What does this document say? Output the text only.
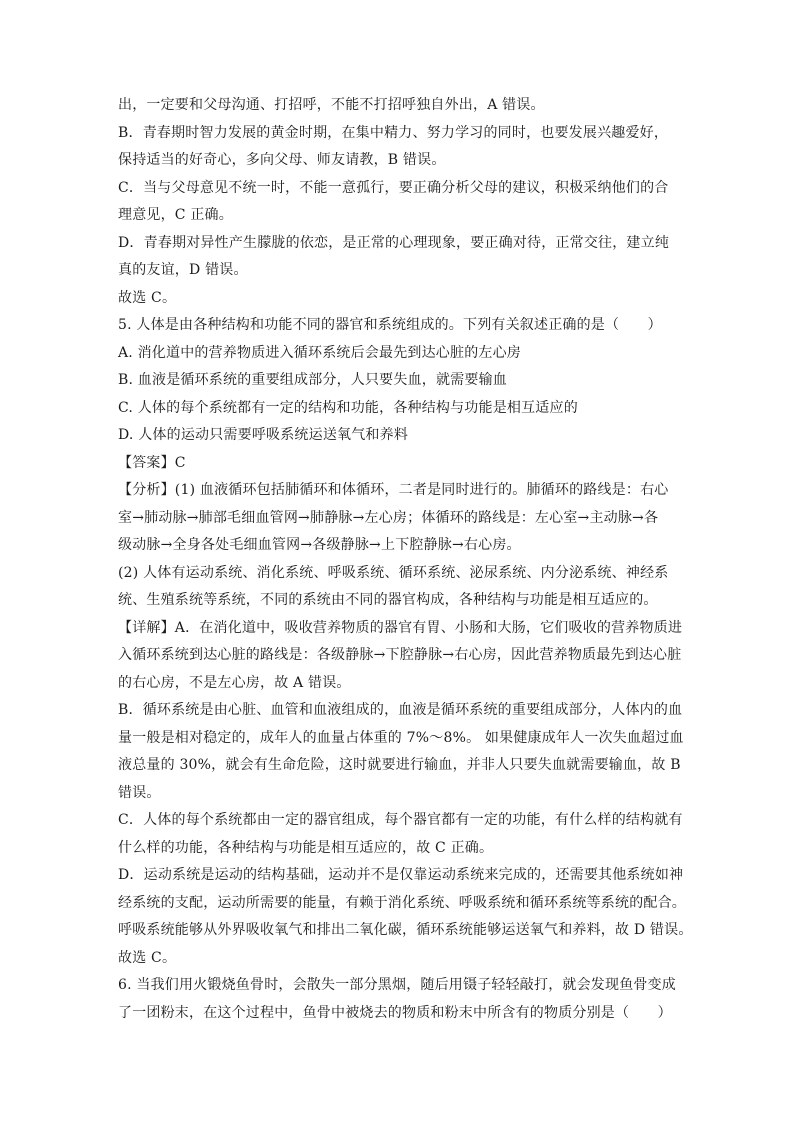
出，一定要和父母沟通、打招呼，不能不打招呼独自外出，A 错误。
B．青春期时智力发展的黄金时期，在集中精力、努力学习的同时，也要发展兴趣爱好，
保持适当的好奇心，多向父母、师友请教，B 错误。
C．当与父母意见不统一时，不能一意孤行，要正确分析父母的建议，积极采纳他们的合
理意见，C 正确。
D．青春期对异性产生朦胧的依恋，是正常的心理现象，要正确对待，正常交往，建立纯
真的友谊，D 错误。
故选 C。
5. 人体是由各种结构和功能不同的器官和系统组成的。下列有关叙述正确的是（　　）
A. 消化道中的营养物质进入循环系统后会最先到达心脏的左心房
B. 血液是循环系统的重要组成部分，人只要失血，就需要输血
C. 人体的每个系统都有一定的结构和功能，各种结构与功能是相互适应的
D. 人体的运动只需要呼吸系统运送氧气和养料
【答案】C
【分析】(1) 血液循环包括肺循环和体循环，二者是同时进行的。肺循环的路线是：右心
室→肺动脉→肺部毛细血管网→肺静脉→左心房；体循环的路线是：左心室→主动脉→各
级动脉→全身各处毛细血管网→各级静脉→上下腔静脉→右心房。
(2) 人体有运动系统、消化系统、呼吸系统、循环系统、泌尿系统、内分泌系统、神经系
统、生殖系统等系统，不同的系统由不同的器官构成，各种结构与功能是相互适应的。
【详解】A．在消化道中，吸收营养物质的器官有胃、小肠和大肠，它们吸收的营养物质进
入循环系统到达心脏的路线是：各级静脉→下腔静脉→右心房，因此营养物质最先到达心脏
的右心房，不是左心房，故 A 错误。
B．循环系统是由心脏、血管和血液组成的，血液是循环系统的重要组成部分，人体内的血
量一般是相对稳定的，成年人的血量占体重的 7%～8%。 如果健康成年人一次失血超过血
液总量的 30%，就会有生命危险，这时就要进行输血，并非人只要失血就需要输血，故 B
错误。
C．人体的每个系统都由一定的器官组成，每个器官都有一定的功能，有什么样的结构就有
什么样的功能，各种结构与功能是相互适应的，故 C 正确。
D．运动系统是运动的结构基础，运动并不是仅靠运动系统来完成的，还需要其他系统如神
经系统的支配，运动所需要的能量，有赖于消化系统、呼吸系统和循环系统等系统的配合。
呼吸系统能够从外界吸收氧气和排出二氧化碳，循环系统能够运送氧气和养料，故 D 错误。
故选 C。
6. 当我们用火锻烧鱼骨时，会散失一部分黑烟，随后用镊子轻轻敲打，就会发现鱼骨变成
了一团粉末，在这个过程中，鱼骨中被烧去的物质和粉末中所含有的物质分别是（　　）
